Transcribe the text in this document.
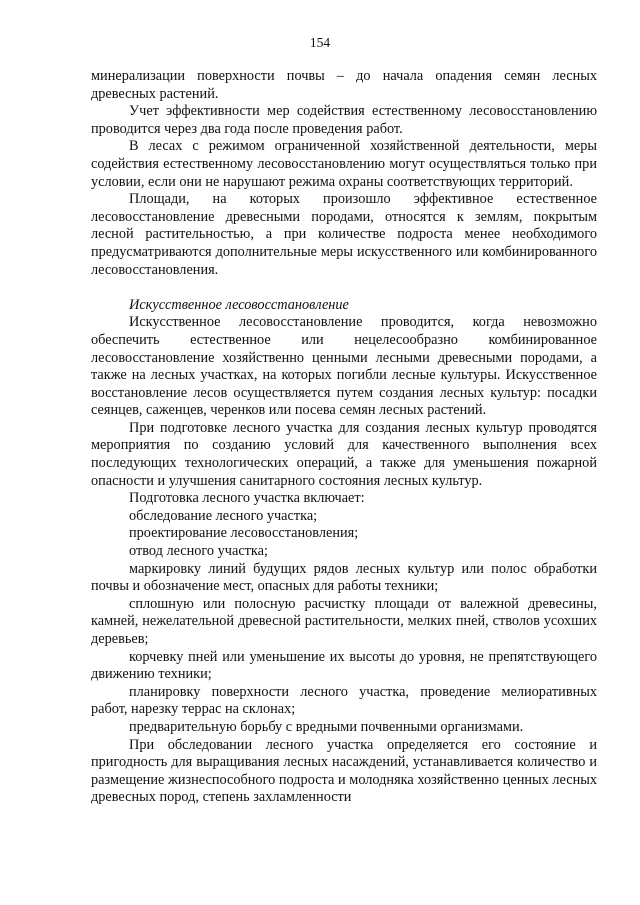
154

минерализации поверхности почвы – до начала опадения семян лесных древесных растений.

Учет эффективности мер содействия естественному лесовосстановлению проводится через два года после проведения работ.

В лесах с режимом ограниченной хозяйственной деятельности, меры содействия естественному лесовосстановлению могут осуществляться только при условии, если они не нарушают режима охраны соответствующих территорий.

Площади, на которых произошло эффективное естественное лесовосстановление древесными породами, относятся к землям, покрытым лесной растительностью, а при количестве подроста менее необходимого предусматриваются дополнительные меры искусственного или комбинированного лесовосстановления.

Искусственное лесовосстановление

Искусственное лесовосстановление проводится, когда невозможно обеспечить естественное или нецелесообразно комбинированное лесовосстановление хозяйственно ценными лесными древесными породами, а также на лесных участках, на которых погибли лесные культуры. Искусственное восстановление лесов осуществляется путем создания лесных культур: посадки сеянцев, саженцев, черенков или посева семян лесных растений.

При подготовке лесного участка для создания лесных культур проводятся мероприятия по созданию условий для качественного выполнения всех последующих технологических операций, а также для уменьшения пожарной опасности и улучшения санитарного состояния лесных культур.

Подготовка лесного участка включает:

обследование лесного участка;

проектирование лесовосстановления;

отвод лесного участка;

маркировку линий будущих рядов лесных культур или полос обработки почвы и обозначение мест, опасных для работы техники;

сплошную или полосную расчистку площади от валежной древесины, камней, нежелательной древесной растительности, мелких пней, стволов усохших деревьев;

корчевку пней или уменьшение их высоты до уровня, не препятствующего движению техники;

планировку поверхности лесного участка, проведение мелиоративных работ, нарезку террас на склонах;

предварительную борьбу с вредными почвенными организмами.

При обследовании лесного участка определяется его состояние и пригодность для выращивания лесных насаждений, устанавливается количество и размещение жизнеспособного подроста и молодняка хозяйственно ценных лесных древесных пород, степень захламленности
